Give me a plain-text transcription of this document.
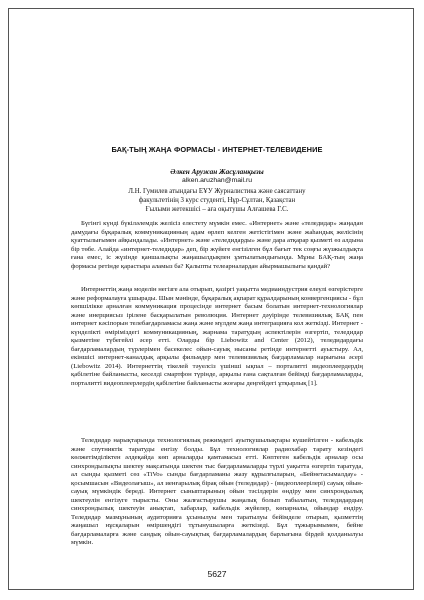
БАҚ-ТЫҢ ЖАҢА ФОРМАСЫ - ИНТЕРНЕТ-ТЕЛЕВИДЕНИЕ
Әлкен Аружан Жасұланқызы
alken.aruzhan@mail.ru
Л.Н. Гумилев атындағы ЕҰУ Журналистика және саясаттану
факультетінің 3 курс студенті, Нұр-Сұлтан, Қазақстан
Ғылыми жетекшісі – аға оқытушы Алғашева Г.С.

Бүгінгі күнді бүкіләлемдік желісіз елестету мүмкін емес. «Интернет» және «теледидар» жаңадан дамудағы бұқаралық коммуникацияның адам өрлеп келген жетістігімен және жаһандық желісінің қуаттылығымен айқындалады. «Интернет» және «теледидарды» және дара атқарар қызметі өз алдына бір төбе. Алайда «интернет-теледидар» деп, бір жүйеге енгізілген бұл бағыт тек соңғы жүзжылдықта ғана емес, іс жүзінде қаншалықты жаңашылдықпен ұмтылатындығында. Мұны БАҚ-тың жаңа формасы ретінде қарастыра аламыз ба? Қалыпты телеарналардан айырмашылығы қандай?

Интернеттің жаңа моделін негізге ала отырып, қазіргі уақытта медиаиндустрия елеулі өзгерістерге және реформалауға ұшырады. Шын мәнінде, бұқаралық ақпарат құралдарының конвергенциясы - бұл көпшілікке арналған коммуникация процесінде интернет басым болатын интернет-технологиялар және инерциясыз ірілене басқарылатын революция. Интернет дәуірінде телевизиялық БАҚ пен интернет кәсіпорын телебағдарламасы жаңа және мүлдем жаңа интеграцияға кол жеткізді. Интернет - күнделікті өміріміздегі коммуникацияның, жарнама таратудың аспектілерін өзгертіп, теледидар қызметіне түбегейлі әсер етті. Оларды бір Liebowitz and Center (2012), теледидардағы бағдарламалардың түрлерімен басекелес ойын-сауық нысаны ретінде интернетті ауыстыру. Ал, екіншісі интернет-каналдық арқылы фильмдер мен телевизиялық бағдарламалар нарығына әсері (Liebowitz 2014). Интернеттің тікелей тәуелсіз үшінші ықпал – порталитті видеоплеердердің қабілетіне байланысты, кеселді смартфон түрінде, арқылы ғана сақталған бейімді бағдарламаларды, порталитті видеоплеерлердің қабілетіне байланысты жоғары деңгейдегі ұтқырлық [1].

Теледидар нарықтарында технологиялық режимдегі ауытқушылықтары күшейтілген - кабельдік және спутниктік таратуды енгізу болды. Бұл технологиялар радиохабар тарату кезіндегі көлжетімділіктен әлдеқайда көп арналарды қамтамасыз етті. Көптеген кабельдік арналар осы синхрондылықты шектеу мақсатында шектен тыс бағдарламаларды түрлі уақытта өзгертіп таратуда, ал сынды қызметі сөз «TiVo» сынды бағдарламаны жазу құрылғыларын, «Бейнетасымалдау» - қосымшасын «Видеолағыш», ал иенғарылық бірақ ойын (теледидар) - (видеоплеерілері) сауық ойын-сауық мүмкіндік береді. Интернет сыныптарының ойын тәсілдерін өндіру мен синхрондылық шектеулін енгізуге тырысты. Оны жалғастырушы жаңалық болып табылатын, теледидардың синхрондылық шектеуін анықтап, хабарлар, кабельдік жүйелер, көпарналы, ойындар ендіру. Теледидар мазмұнының аудиторияға ұсынылуы мен таратылуы бейімделе отырып, қызметтің жаңашыл нұсқаларын өміршеңдігі тұтынушыларға жеткізеді. Бұл тұжырымымен, бейне бағдарламаларға және сандық ойын-сауықтық бағдарламалардың барлығына бірдей қолданылуы мүмкін.

5627
